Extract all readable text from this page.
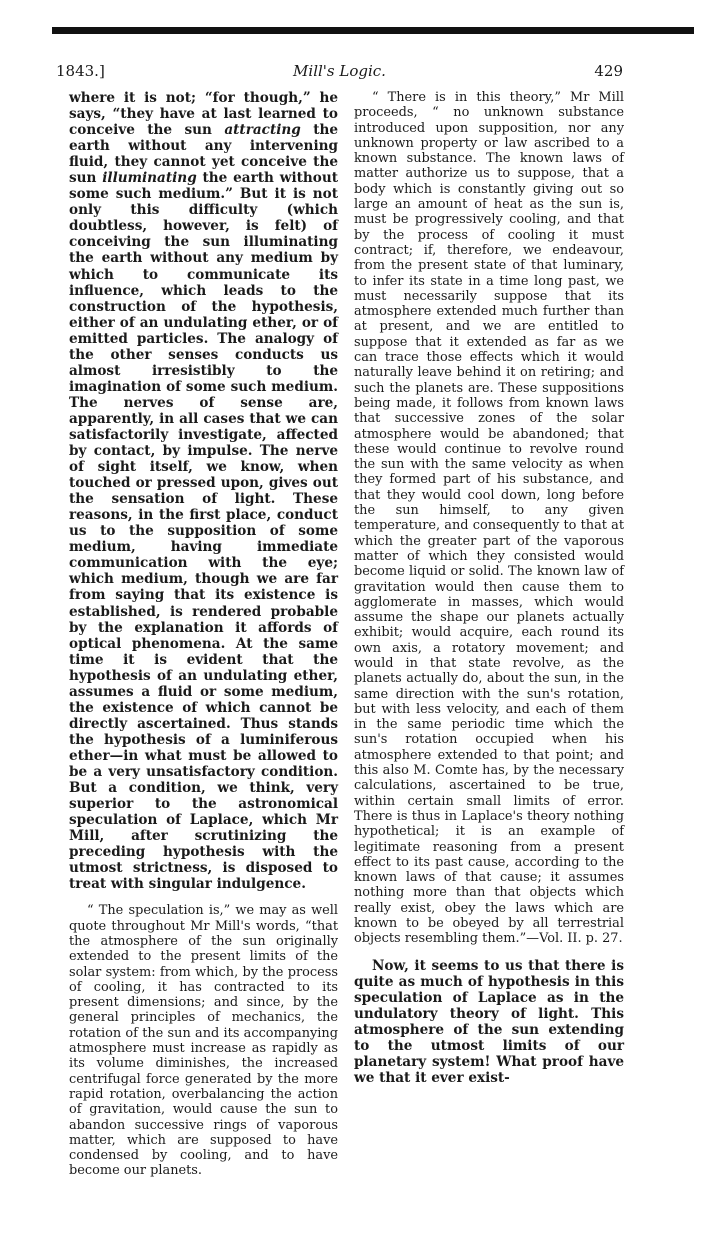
1843.]	Mill's Logic.	429

where it is not; “for though,” he says, “they have at last learned to conceive the sun attracting the earth without any intervening fluid, they cannot yet conceive the sun illuminating the earth without some such medium.” But it is not only this difficulty (which doubtless, however, is felt) of conceiving the sun illuminating the earth without any medium by which to communicate its influence, which leads to the construction of the hypothesis, either of an undulating ether, or of emitted particles. The analogy of the other senses conducts us almost irresistibly to the imagination of some such medium. The nerves of sense are, apparently, in all cases that we can satisfactorily investigate, affected by contact, by impulse. The nerve of sight itself, we know, when touched or pressed upon, gives out the sensation of light. These reasons, in the first place, conduct us to the supposition of some medium, having immediate communication with the eye; which medium, though we are far from saying that its existence is established, is rendered probable by the explanation it affords of optical phenomena. At the same time it is evident that the hypothesis of an undulating ether, assumes a fluid or some medium, the existence of which cannot be directly ascertained. Thus stands the hypothesis of a luminiferous ether—in what must be allowed to be a very unsatisfactory condition. But a condition, we think, very superior to the astronomical speculation of Laplace, which Mr Mill, after scrutinizing the preceding hypothesis with the utmost strictness, is disposed to treat with singular indulgence.

“ The speculation is,” we may as well quote throughout Mr Mill's words, “that the atmosphere of the sun originally extended to the present limits of the solar system: from which, by the process of cooling, it has contracted to its present dimensions; and since, by the general principles of mechanics, the rotation of the sun and its accompanying atmosphere must increase as rapidly as its volume diminishes, the increased centrifugal force generated by the more rapid rotation, overbalancing the action of gravitation, would cause the sun to abandon successive rings of vaporous matter, which are supposed to have condensed by cooling, and to have become our planets.

“ There is in this theory,” Mr Mill proceeds, “ no unknown substance introduced upon supposition, nor any unknown property or law ascribed to a known substance. The known laws of matter authorize us to suppose, that a body which is constantly giving out so large an amount of heat as the sun is, must be progressively cooling, and that by the process of cooling it must contract; if, therefore, we endeavour, from the present state of that luminary, to infer its state in a time long past, we must necessarily suppose that its atmosphere extended much further than at present, and we are entitled to suppose that it extended as far as we can trace those effects which it would naturally leave behind it on retiring; and such the planets are. These suppositions being made, it follows from known laws that successive zones of the solar atmosphere would be abandoned; that these would continue to revolve round the sun with the same velocity as when they formed part of his substance, and that they would cool down, long before the sun himself, to any given temperature, and consequently to that at which the greater part of the vaporous matter of which they consisted would become liquid or solid. The known law of gravitation would then cause them to agglomerate in masses, which would assume the shape our planets actually exhibit; would acquire, each round its own axis, a rotatory movement; and would in that state revolve, as the planets actually do, about the sun, in the same direction with the sun's rotation, but with less velocity, and each of them in the same periodic time which the sun's rotation occupied when his atmosphere extended to that point; and this also M. Comte has, by the necessary calculations, ascertained to be true, within certain small limits of error. There is thus in Laplace's theory nothing hypothetical; it is an example of legitimate reasoning from a present effect to its past cause, according to the known laws of that cause; it assumes nothing more than that objects which really exist, obey the laws which are known to be obeyed by all terrestrial objects resembling them.”—Vol. II. p. 27.

Now, it seems to us that there is quite as much of hypothesis in this speculation of Laplace as in the undulatory theory of light. This atmosphere of the sun extending to the utmost limits of our planetary system! What proof have we that it ever exist-
